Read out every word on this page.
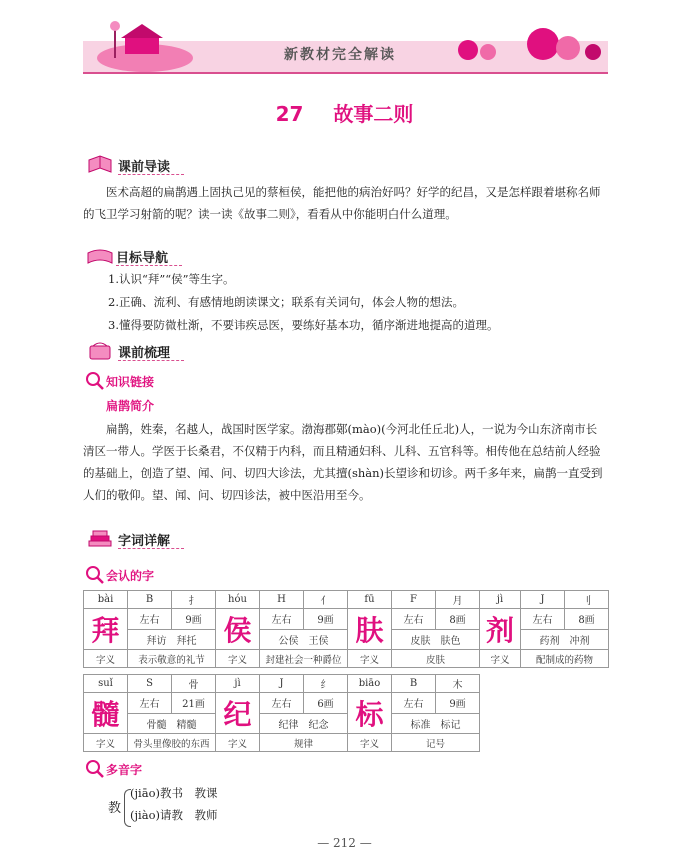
新教材完全解读
27 故事二则
课前导读
医术高超的扁鹊遇上固执己见的蔡桓侯，能把他的病治好吗？好学的纪昌，又是怎样跟着堪称名师的飞卫学习射箭的呢？读一读《故事二则》，看看从中你能明白什么道理。
目标导航
1.认识“拜”“侯”等生字。
2.正确、流利、有感情地朗读课文；联系有关词句，体会人物的想法。
3.懂得要防微杜渐，不要讳疾忌医，要练好基本功，循序渐进地提高的道理。
课前梳理
知识链接
扁鹊简介
扁鹊，姓秦，名越人，战国时医学家。渤海郡鄚(mào)(今河北任丘北)人，一说为今山东济南市长清区一带人。学医于长桑君，不仅精于内科，而且精通妇科、儿科、五官科等。相传他在总结前人经验的基础上，创造了望、闻、问、切四大诊法，尤其擅(shàn)长望诊和切诊。两千多年来，扁鹊一直受到人们的敬仰。望、闻、问、切四诊法，被中医沿用至今。
字词详解
会认的字
bài	B	扌	hóu	H	亻	fū	F	月	jì	J	刂
拜	左右	9画	侯	左右	9画	肤	左右	8画	剂	左右	8画
	拜访　拜托			公侯　王侯			皮肤　肤色			药剂　冲剂	
字义	表示敬意的礼节		字义	封建社会一种爵位		字义	皮肤		字义	配制成的药物	
suǐ	S	骨	jì	J	纟	biāo	B	木
髓	左右	21画	纪	左右	6画	标	左右	9画
	骨髓　精髓			纪律　纪念			标准　标记	
字义	骨头里像胶的东西		字义	规律		字义	记号	
多音字
教
(jiāo)教书　教课
(jiào)请教　教师
— 212 —
